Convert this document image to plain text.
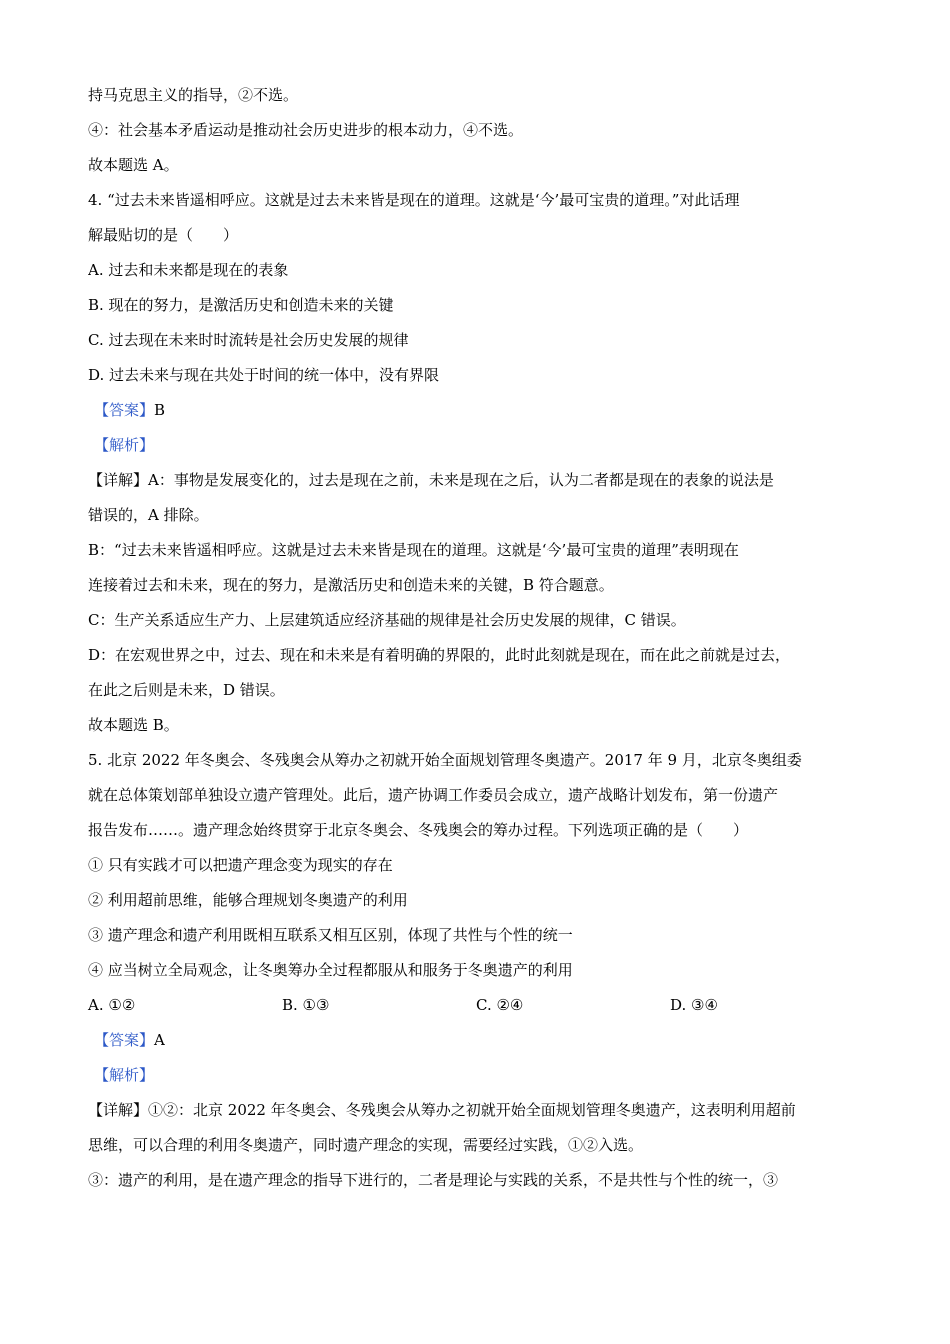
持马克思主义的指导，②不选。
④：社会基本矛盾运动是推动社会历史进步的根本动力，④不选。
故本题选 A。
4. “过去未来皆遥相呼应。这就是过去未来皆是现在的道理。这就是‘今’最可宝贵的道理。”对此话理
解最贴切的是（　　）
A. 过去和未来都是现在的表象
B. 现在的努力，是激活历史和创造未来的关键
C. 过去现在未来时时流转是社会历史发展的规律
D. 过去未来与现在共处于时间的统一体中，没有界限
【答案】B
【解析】
【详解】A：事物是发展变化的，过去是现在之前，未来是现在之后，认为二者都是现在的表象的说法是
错误的，A 排除。
B：“过去未来皆遥相呼应。这就是过去未来皆是现在的道理。这就是‘今’最可宝贵的道理”表明现在
连接着过去和未来，现在的努力，是激活历史和创造未来的关键，B 符合题意。
C：生产关系适应生产力、上层建筑适应经济基础的规律是社会历史发展的规律，C 错误。
D：在宏观世界之中，过去、现在和未来是有着明确的界限的，此时此刻就是现在，而在此之前就是过去，
在此之后则是未来，D 错误。
故本题选 B。
5. 北京 2022 年冬奥会、冬残奥会从筹办之初就开始全面规划管理冬奥遗产。2017 年 9 月，北京冬奥组委
就在总体策划部单独设立遗产管理处。此后，遗产协调工作委员会成立，遗产战略计划发布，第一份遗产
报告发布……。遗产理念始终贯穿于北京冬奥会、冬残奥会的筹办过程。下列选项正确的是（　　）
① 只有实践才可以把遗产理念变为现实的存在
② 利用超前思维，能够合理规划冬奥遗产的利用
③ 遗产理念和遗产利用既相互联系又相互区别，体现了共性与个性的统一
④ 应当树立全局观念，让冬奥筹办全过程都服从和服务于冬奥遗产的利用
A. ①②	B. ①③	C. ②④	D. ③④
【答案】A
【解析】
【详解】①②：北京 2022 年冬奥会、冬残奥会从筹办之初就开始全面规划管理冬奥遗产，这表明利用超前
思维，可以合理的利用冬奥遗产，同时遗产理念的实现，需要经过实践，①②入选。
③：遗产的利用，是在遗产理念的指导下进行的，二者是理论与实践的关系，不是共性与个性的统一，③
